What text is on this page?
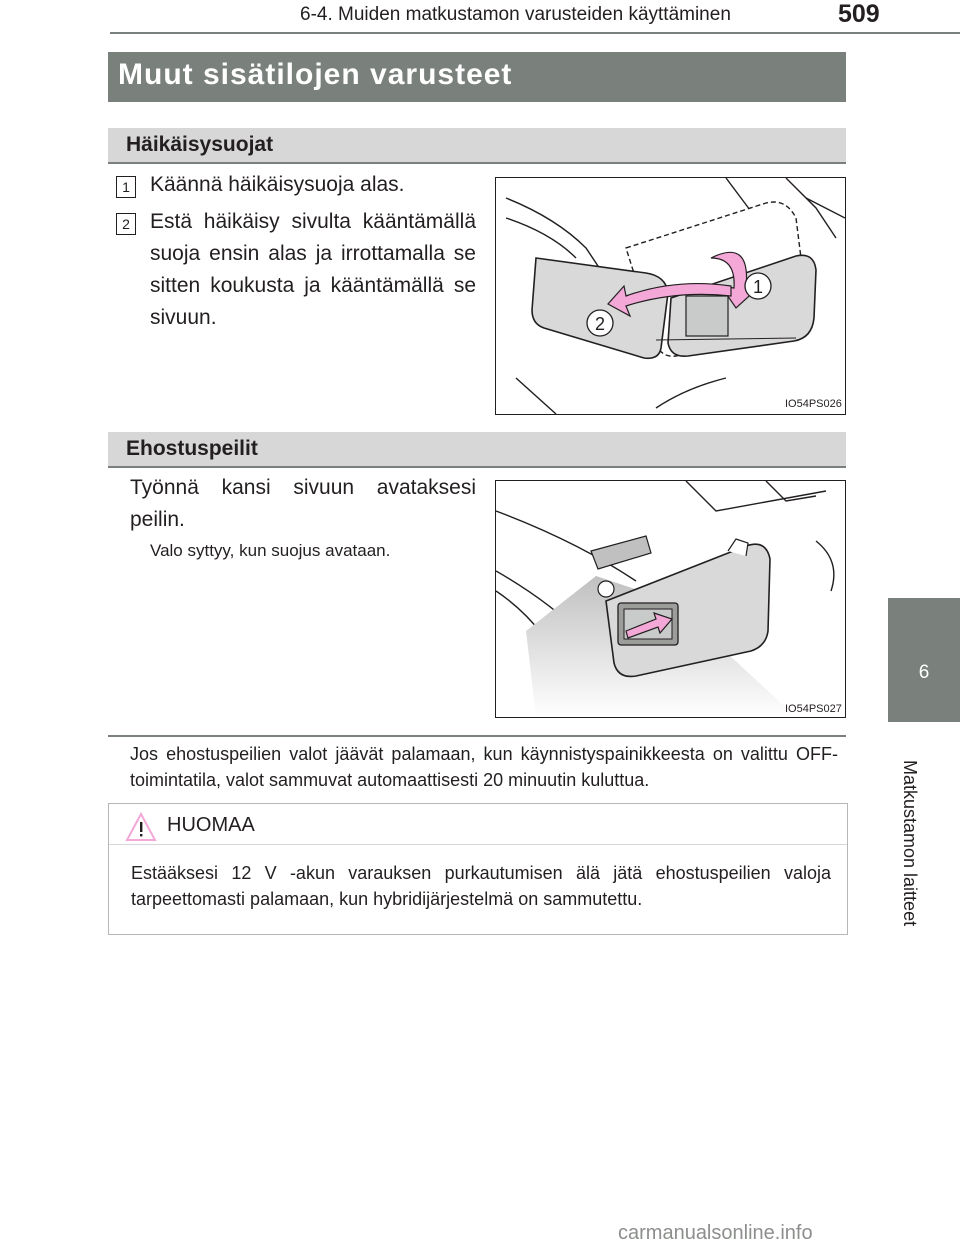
6-4. Muiden matkustamon varusteiden käyttäminen	509
Muut sisätilojen varusteet
Häikäisysuojat
1 Käännä häikäisysuoja alas.
2 Estä häikäisy sivulta kääntämällä suoja ensin alas ja irrottamalla se sitten koukusta ja kääntämällä se sivuun.
1
2
IO54PS026
Ehostuspeilit
Työnnä kansi sivuun avataksesi peilin.
Valo syttyy, kun suojus avataan.
IO54PS027
Jos ehostuspeilien valot jäävät palamaan, kun käynnistyspainikkeesta on valittu OFF-toimintatila, valot sammuvat automaattisesti 20 minuutin kuluttua.
HUOMAA
Estääksesi 12 V -akun varauksen purkautumisen älä jätä ehostuspeilien valoja tarpeettomasti palamaan, kun hybridijärjestelmä on sammutettu.
6
Matkustamon laitteet
carmanualsonline.info
